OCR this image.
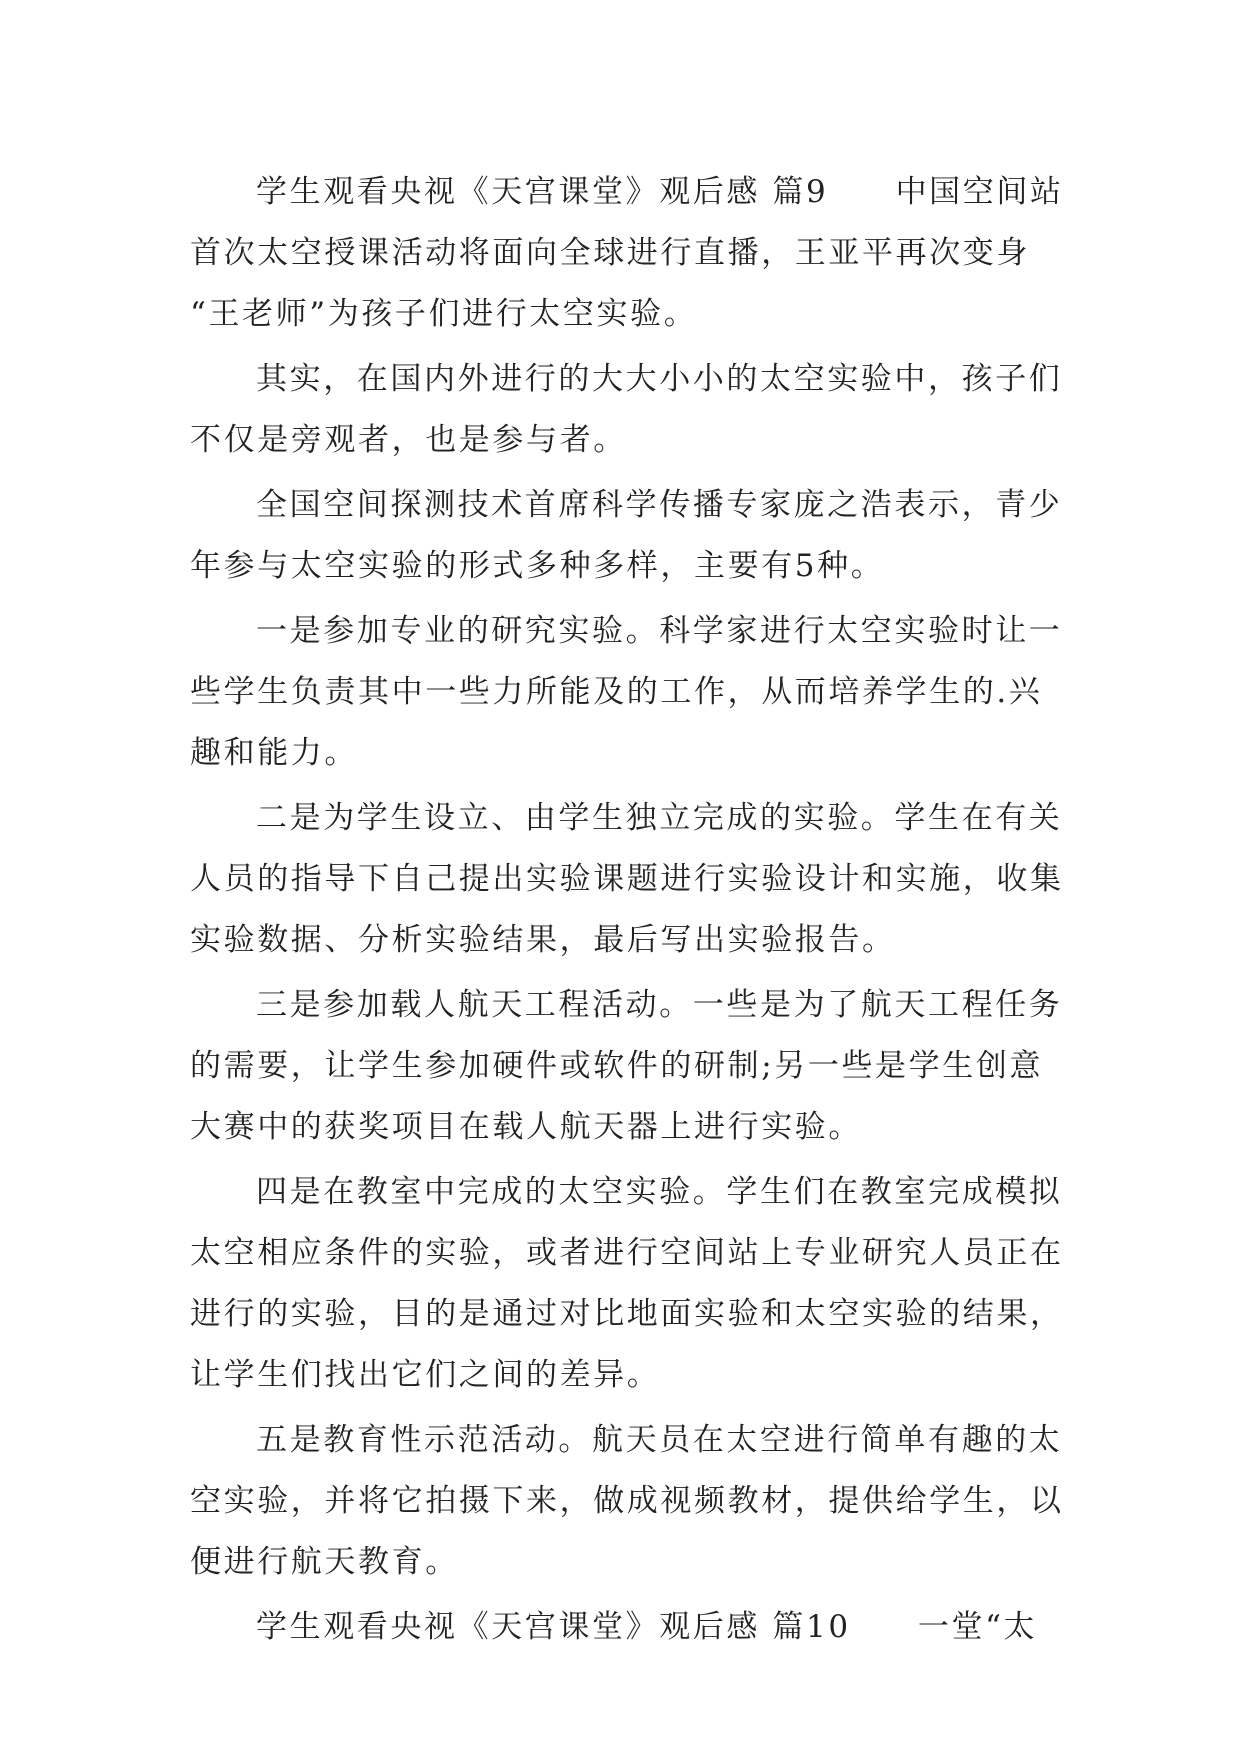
学生观看央视《天宫课堂》观后感 篇9　　中国空间站
首次太空授课活动将面向全球进行直播，王亚平再次变身
“王老师”为孩子们进行太空实验。

其实，在国内外进行的大大小小的太空实验中，孩子们
不仅是旁观者，也是参与者。

全国空间探测技术首席科学传播专家庞之浩表示，青少
年参与太空实验的形式多种多样，主要有5种。

一是参加专业的研究实验。科学家进行太空实验时让一
些学生负责其中一些力所能及的工作，从而培养学生的.兴
趣和能力。

二是为学生设立、由学生独立完成的实验。学生在有关
人员的指导下自己提出实验课题进行实验设计和实施，收集
实验数据、分析实验结果，最后写出实验报告。

三是参加载人航天工程活动。一些是为了航天工程任务
的需要，让学生参加硬件或软件的研制;另一些是学生创意
大赛中的获奖项目在载人航天器上进行实验。

四是在教室中完成的太空实验。学生们在教室完成模拟
太空相应条件的实验，或者进行空间站上专业研究人员正在
进行的实验，目的是通过对比地面实验和太空实验的结果，
让学生们找出它们之间的差异。

五是教育性示范活动。航天员在太空进行简单有趣的太
空实验，并将它拍摄下来，做成视频教材，提供给学生，以
便进行航天教育。

学生观看央视《天宫课堂》观后感 篇10　　一堂“太
